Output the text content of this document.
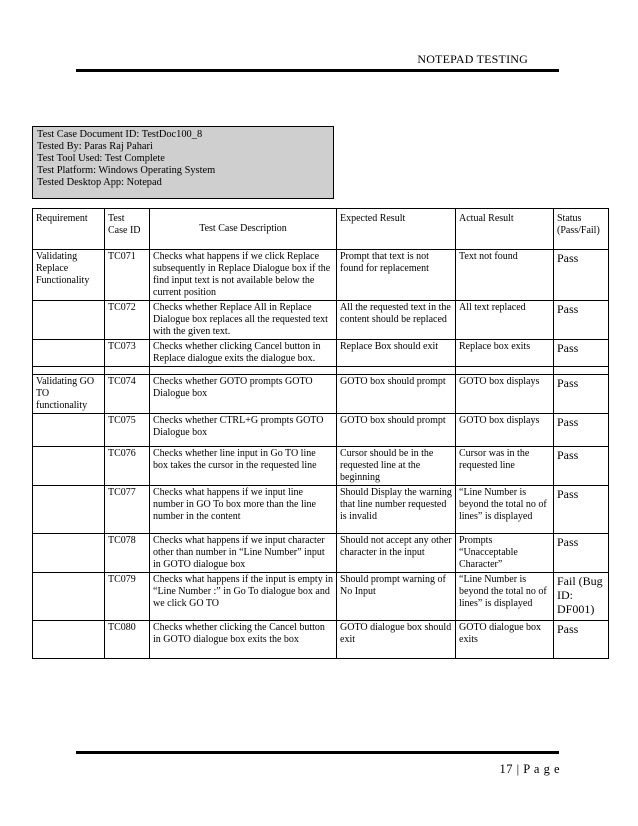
NOTEPAD TESTING
Test Case Document ID: TestDoc100_8
Tested By: Paras Raj Pahari
Test Tool Used: Test Complete
Test Platform: Windows Operating System
Tested Desktop App: Notepad
Requirement	Test Case ID	Test Case Description	Expected Result	Actual Result	Status (Pass/Fail)
Validating Replace Functionality	TC071	Checks what happens if we click Replace subsequently in Replace Dialogue box if the find input text is not available below the current position	Prompt that text is not found for replacement	Text not found	Pass
	TC072	Checks whether Replace All in Replace Dialogue box replaces all the requested text with the given text.	All the requested text in the content should be replaced	All text replaced	Pass
	TC073	Checks whether clicking Cancel button in Replace dialogue exits the dialogue box.	Replace Box should exit	Replace box exits	Pass

Validating GO TO functionality	TC074	Checks whether GOTO prompts GOTO Dialogue box	GOTO box should prompt	GOTO box displays	Pass
	TC075	Checks whether CTRL+G prompts GOTO Dialogue box	GOTO box should prompt	GOTO box displays	Pass
	TC076	Checks whether line input in Go TO line box takes the cursor in the requested line	Cursor should be in the requested line at the beginning	Cursor was in the requested line	Pass
	TC077	Checks what happens if we input line number in GO To box more than the line number in the content	Should Display the warning that line number requested is invalid	“Line Number is beyond the total no of lines” is displayed	Pass
	TC078	Checks what happens if we input character other than number in “Line Number” input in GOTO dialogue box	Should not accept any other character in the input	Prompts “Unacceptable Character”	Pass
	TC079	Checks what happens if the input is empty in “Line Number :” in Go To dialogue box and we click GO TO	Should prompt warning of No Input	“Line Number is beyond the total no of lines” is displayed	Fail (Bug ID: DF001)
	TC080	Checks whether clicking the Cancel button in GOTO dialogue box exits the box	GOTO dialogue box should exit	GOTO dialogue box exits	Pass
17 | P a g e
